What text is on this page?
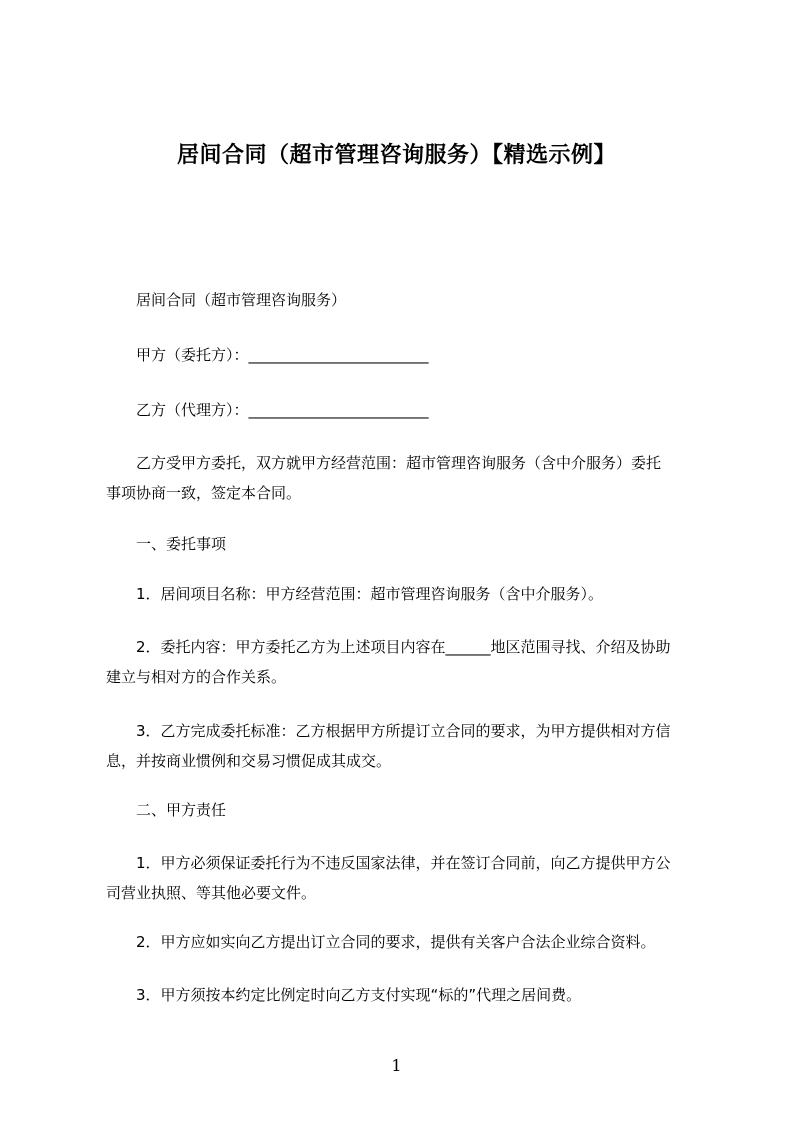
居间合同（超市管理咨询服务）【精选示例】
居间合同（超市管理咨询服务）
甲方（委托方）：________________________
乙方（代理方）：________________________
乙方受甲方委托，双方就甲方经营范围：超市管理咨询服务（含中介服务）委托
事项协商一致，签定本合同。
一、委托事项
1．居间项目名称：甲方经营范围：超市管理咨询服务（含中介服务）。
2．委托内容：甲方委托乙方为上述项目内容在______地区范围寻找、介绍及协助
建立与相对方的合作关系。
3．乙方完成委托标准：乙方根据甲方所提订立合同的要求，为甲方提供相对方信
息，并按商业惯例和交易习惯促成其成交。
二、甲方责任
1．甲方必须保证委托行为不违反国家法律，并在签订合同前，向乙方提供甲方公
司营业执照、等其他必要文件。
2．甲方应如实向乙方提出订立合同的要求，提供有关客户合法企业综合资料。
3．甲方须按本约定比例定时向乙方支付实现“标的”代理之居间费。
1
